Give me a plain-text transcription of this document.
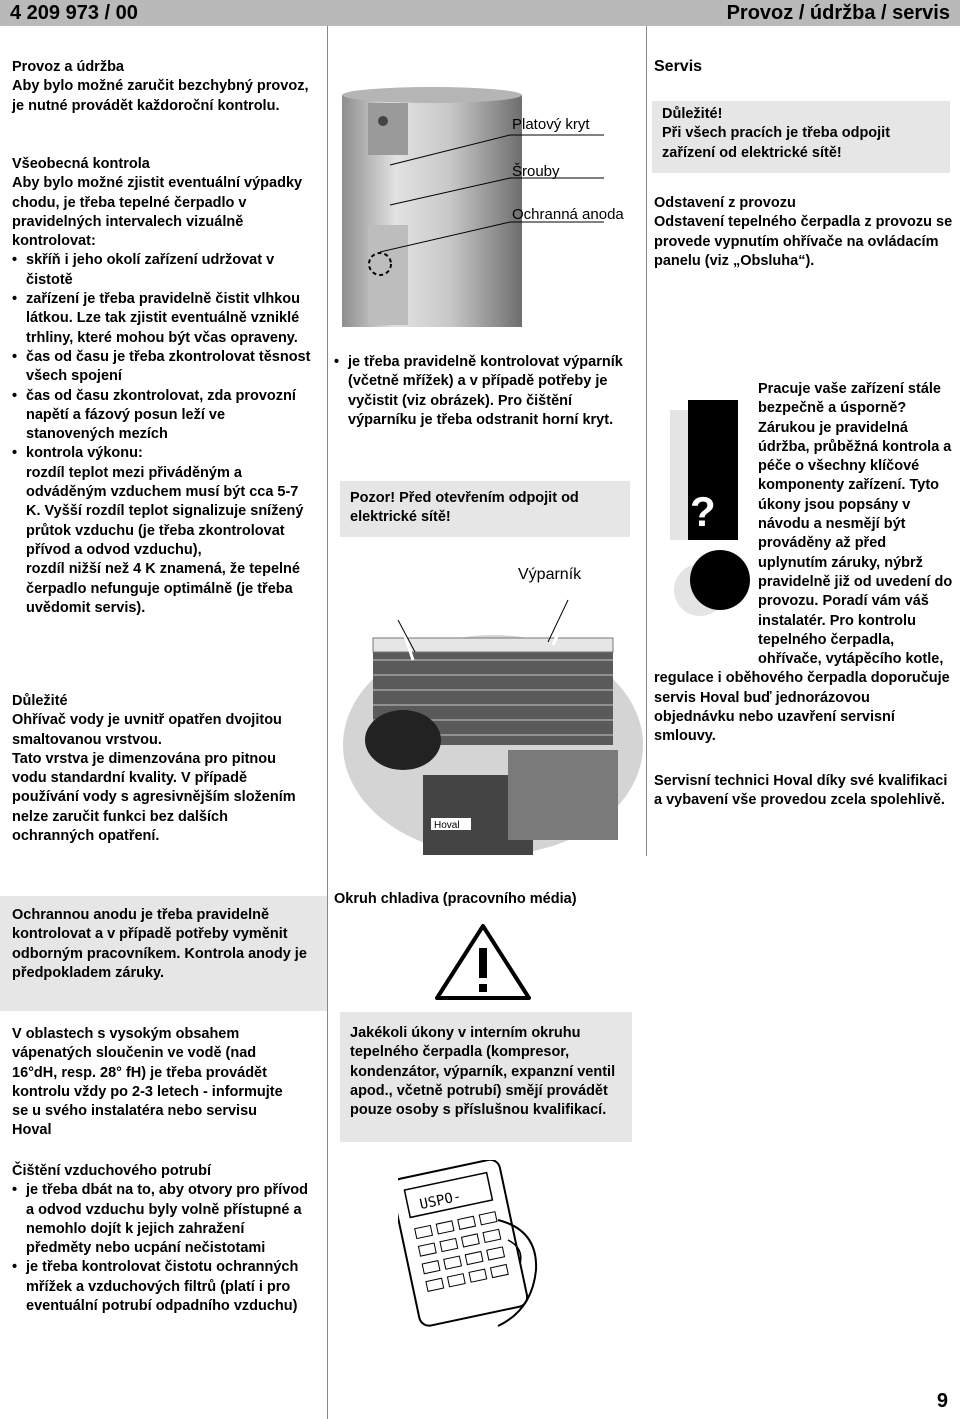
4 209 973 / 00	Provoz / údržba / servis
Provoz a údržba
Aby bylo možné zaručit bezchybný provoz, je nutné provádět každoroční kontrolu.
Všeobecná kontrola
Aby bylo možné zjistit eventuální výpadky chodu, je třeba tepelné čerpadlo v pravidelných intervalech vizuálně kontrolovat:
• skříň i jeho okolí zařízení udržovat v čistotě
• zařízení je třeba pravidelně čistit vlhkou látkou. Lze tak zjistit eventuálně vzniklé trhliny, které mohou být včas opraveny.
• čas od času je třeba zkontrolovat těsnost všech spojení
• čas od času zkontrolovat, zda provozní napětí a fázový posun leží ve stanovených mezích
• kontrola výkonu:
rozdíl teplot mezi přiváděným a odváděným vzduchem musí být cca 5-7 K. Vyšší rozdíl teplot signalizuje snížený průtok vzduchu (je třeba zkontrolovat přívod a odvod vzduchu),
rozdíl nižší než 4 K znamená, že tepelné čerpadlo nefunguje optimálně (je třeba uvědomit servis).
Důležité
Ohřívač vody je uvnitř opatřen dvojitou smaltovanou vrstvou.
Tato vrstva je dimenzována pro pitnou vodu standardní kvality. V případě používání vody s agresivnějším složením nelze zaručit funkci bez dalších ochranných opatření.
Ochrannou anodu je třeba pravidelně kontrolovat a v případě potřeby vyměnit odborným pracovníkem. Kontrola anody je předpokladem záruky.
V oblastech s vysokým obsahem vápenatých sloučenin ve vodě (nad 16°dH, resp. 28° fH) je třeba provádět kontrolu vždy po 2-3 letech - informujte se u svého instalatéra nebo servisu Hoval
Čištění vzduchového potrubí
• je třeba dbát na to, aby otvory pro přívod a odvod vzduchu byly volně přístupné a nemohlo dojít k jejich zahražení předměty nebo ucpání nečistotami
• je třeba kontrolovat čistotu ochranných mřížek a vzduchových filtrů (platí i pro eventuální potrubí odpadního vzduchu)
Platový kryt
Šrouby
Ochranná anoda
• je třeba pravidelně kontrolovat výparník (včetně mřížek) a v případě potřeby je vyčistit (viz obrázek). Pro čištění výparníku je třeba odstranit horní kryt.
Pozor! Před otevřením odpojit od elektrické sítě!
Hoval
Výparník
Okruh chladiva (pracovního média)
Jakékoli úkony v interním okruhu tepelného čerpadla (kompresor, kondenzátor, výparník, expanzní ventil apod., včetně potrubí) smějí provádět pouze osoby s příslušnou kvalifikací.
USPO-
Servis
Důležité!
Při všech pracích je třeba odpojit zařízení od elektrické sítě!
Odstavení z provozu
Odstavení tepelného čerpadla z provozu se provede vypnutím ohřívače na ovládacím panelu (viz „Obsluha“).
?
Pracuje vaše zařízení stále bezpečně a úsporně? Zárukou je pravidelná údržba, průběžná kontrola a péče o všechny klíčové komponenty zařízení. Tyto úkony jsou popsány v návodu a nesmějí být prováděny až před uplynutím záruky, nýbrž pravidelně již od uvedení do provozu. Poradí vám váš instalatér. Pro kontrolu tepelného čerpadla, ohřívače, vytápěcího kotle, regulace i oběhového čerpadla doporučuje servis Hoval buď jednorázovou objednávku nebo uzavření servisní smlouvy.
Servisní technici Hoval díky své kvalifikaci a vybavení vše provedou zcela spolehlivě.
9
